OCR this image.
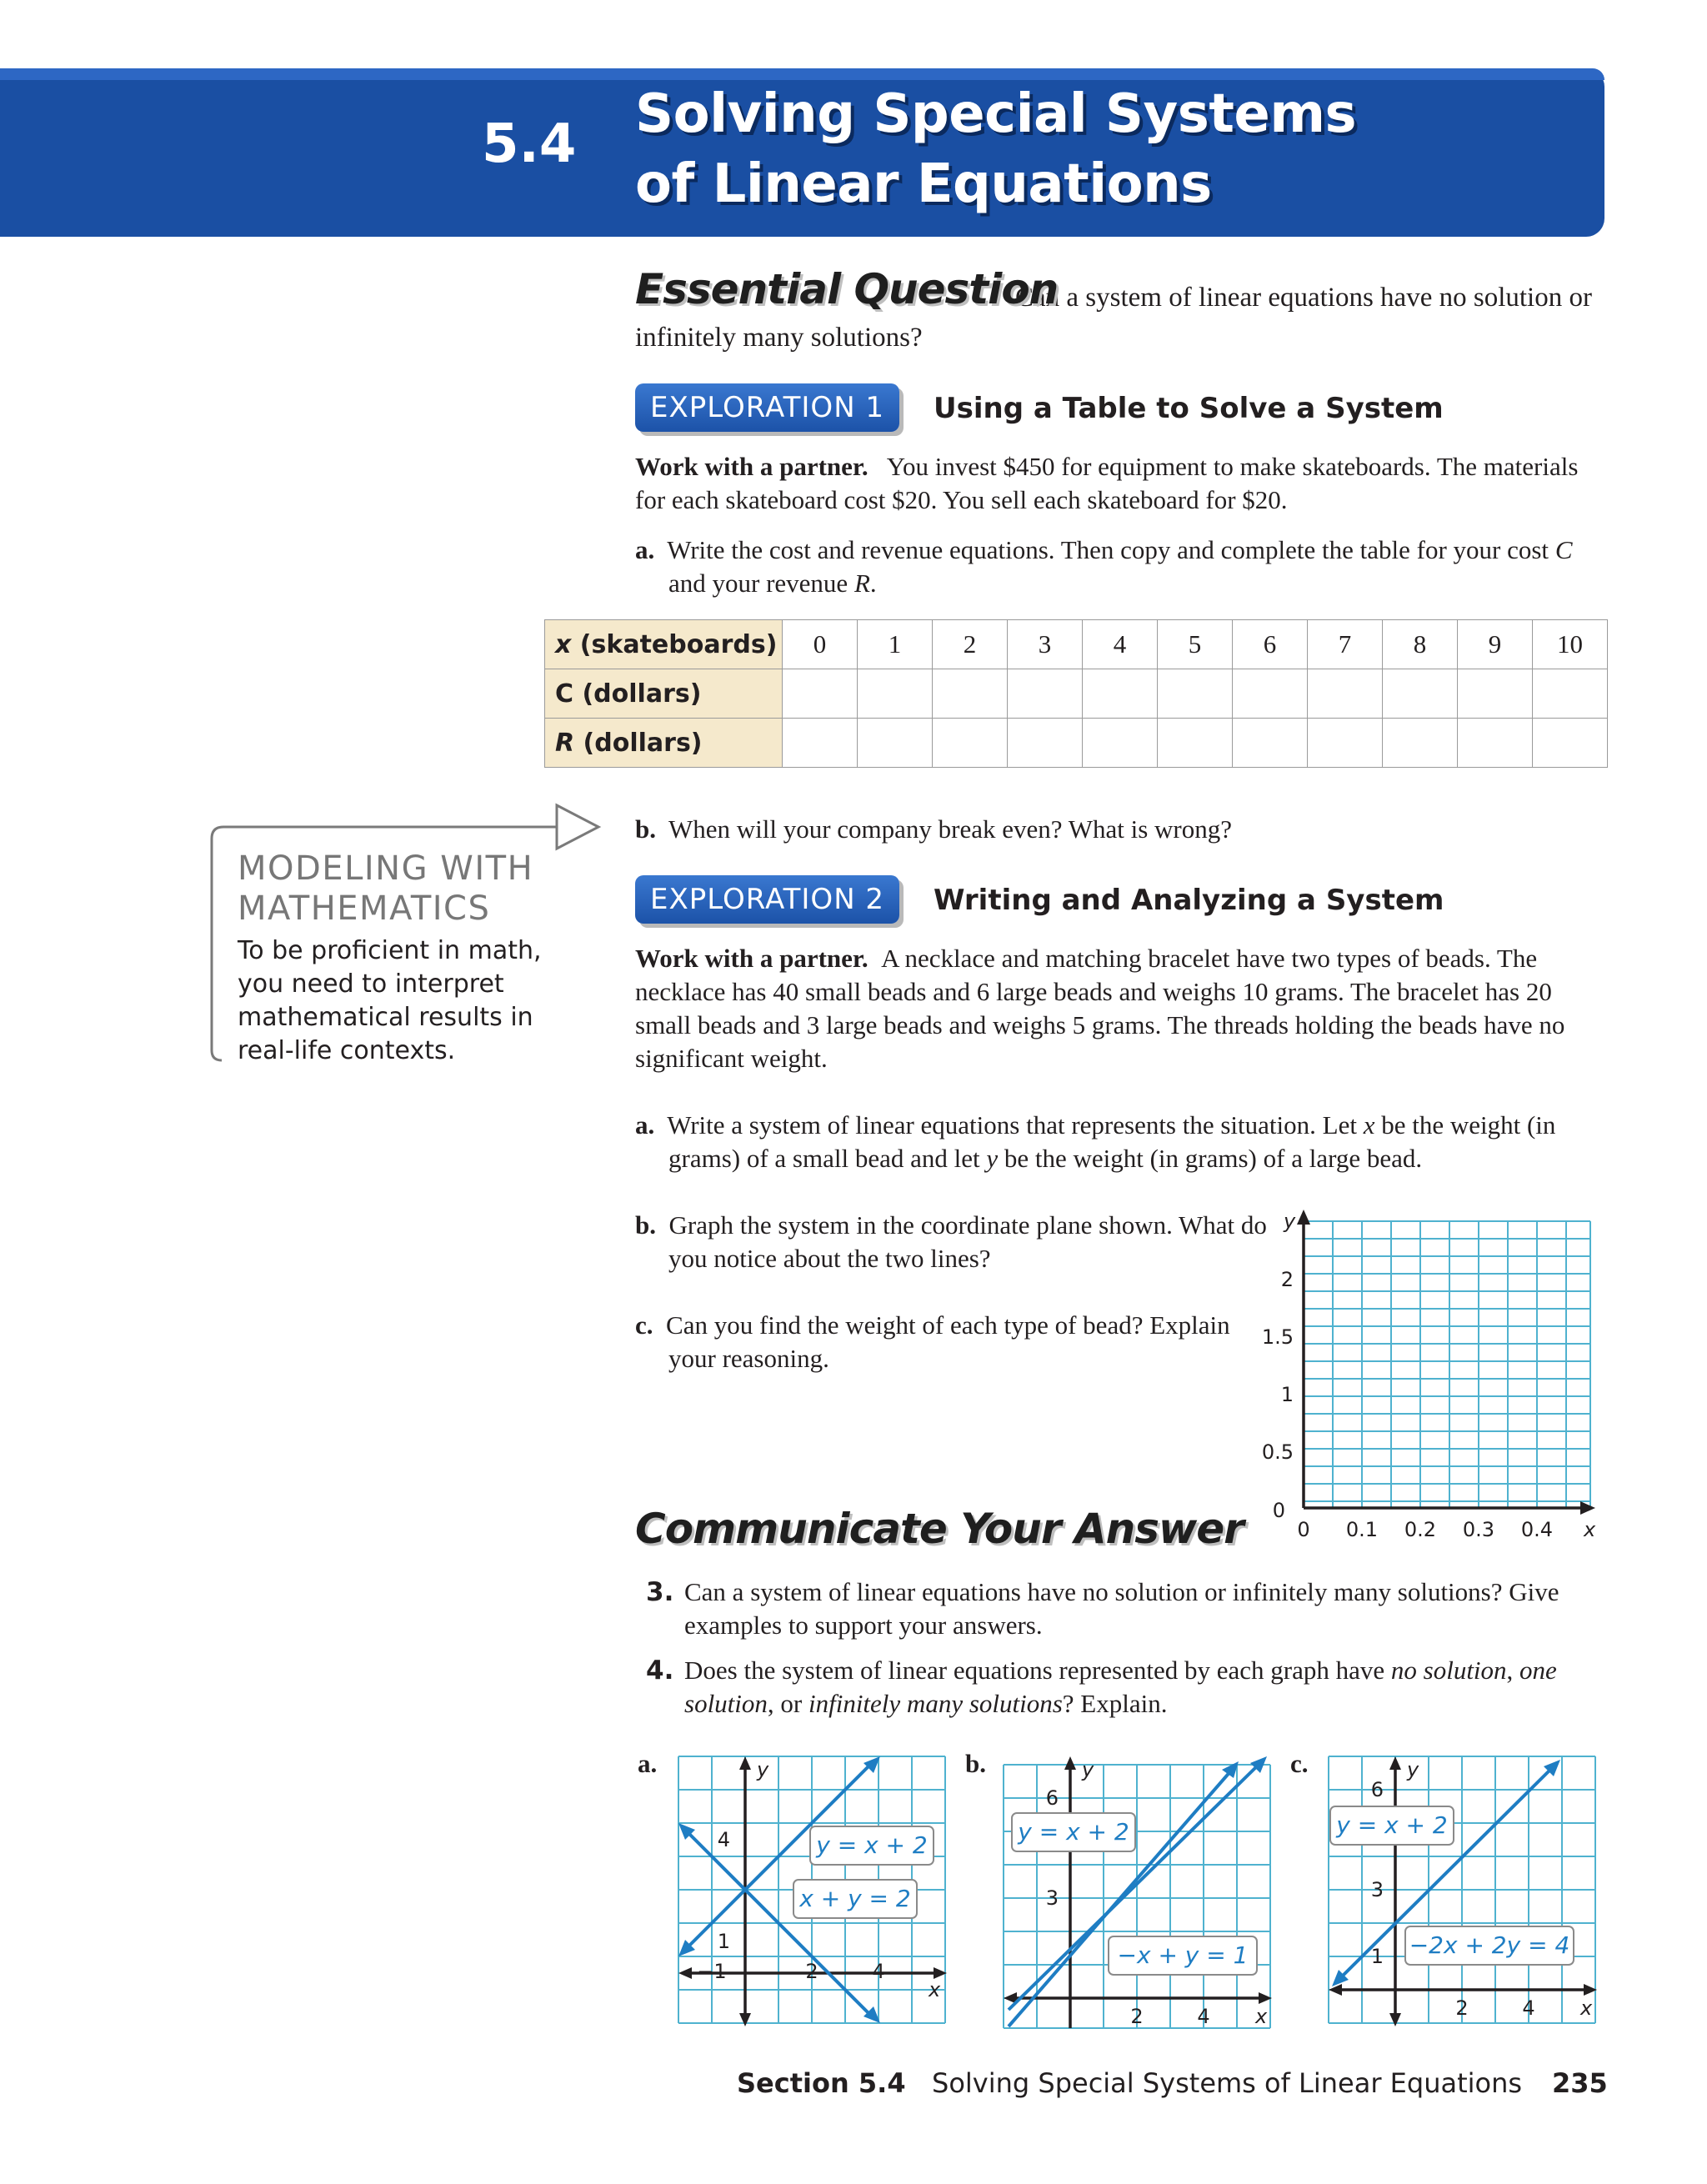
5.4 Solving Special Systems
of Linear Equations
Can a system of linear equations have no solution or infinitely many solutions?
Essential Question
EXPLORATION 1	Using a Table to Solve a System
Work with a partner. You invest $450 for equipment to make skateboards. The materials for each skateboard cost $20. You sell each skateboard for $20.
a. Write the cost and revenue equations. Then copy and complete the table for your cost C and your revenue R.
x (skateboards)	0	1	2	3	4	5	6	7	8	9	10
C (dollars)											
R (dollars)											
b. When will your company break even? What is wrong?
MODELING WITH
MATHEMATICS
To be proficient in math, you need to interpret mathematical results in real-life contexts.
EXPLORATION 2	Writing and Analyzing a System
Work with a partner. A necklace and matching bracelet have two types of beads. The necklace has 40 small beads and 6 large beads and weighs 10 grams. The bracelet has 20 small beads and 3 large beads and weighs 5 grams. The threads holding the beads have no significant weight.
a. Write a system of linear equations that represents the situation. Let x be the weight (in grams) of a small bead and let y be the weight (in grams) of a large bead.
b. Graph the system in the coordinate plane shown. What do you notice about the two lines?
c. Can you find the weight of each type of bead? Explain your reasoning.
y
0
0.5
1
1.5
2
0 0.1 0.2 0.3 0.4 x
Communicate Your Answer
3. Can a system of linear equations have no solution or infinitely many solutions? Give examples to support your answers.
4. Does the system of linear equations represented by each graph have no solution, one solution, or infinitely many solutions? Explain.
a.
y = x + 2
x + y = 2
y
x
4
1
−1	2	4
b.
y = x + 2
−x + y = 1
y
x
6
3
2	4
c.
y = x + 2
−2x + 2y = 4
y
x
6
3
1
2	4
Section 5.4 Solving Special Systems of Linear Equations 235
